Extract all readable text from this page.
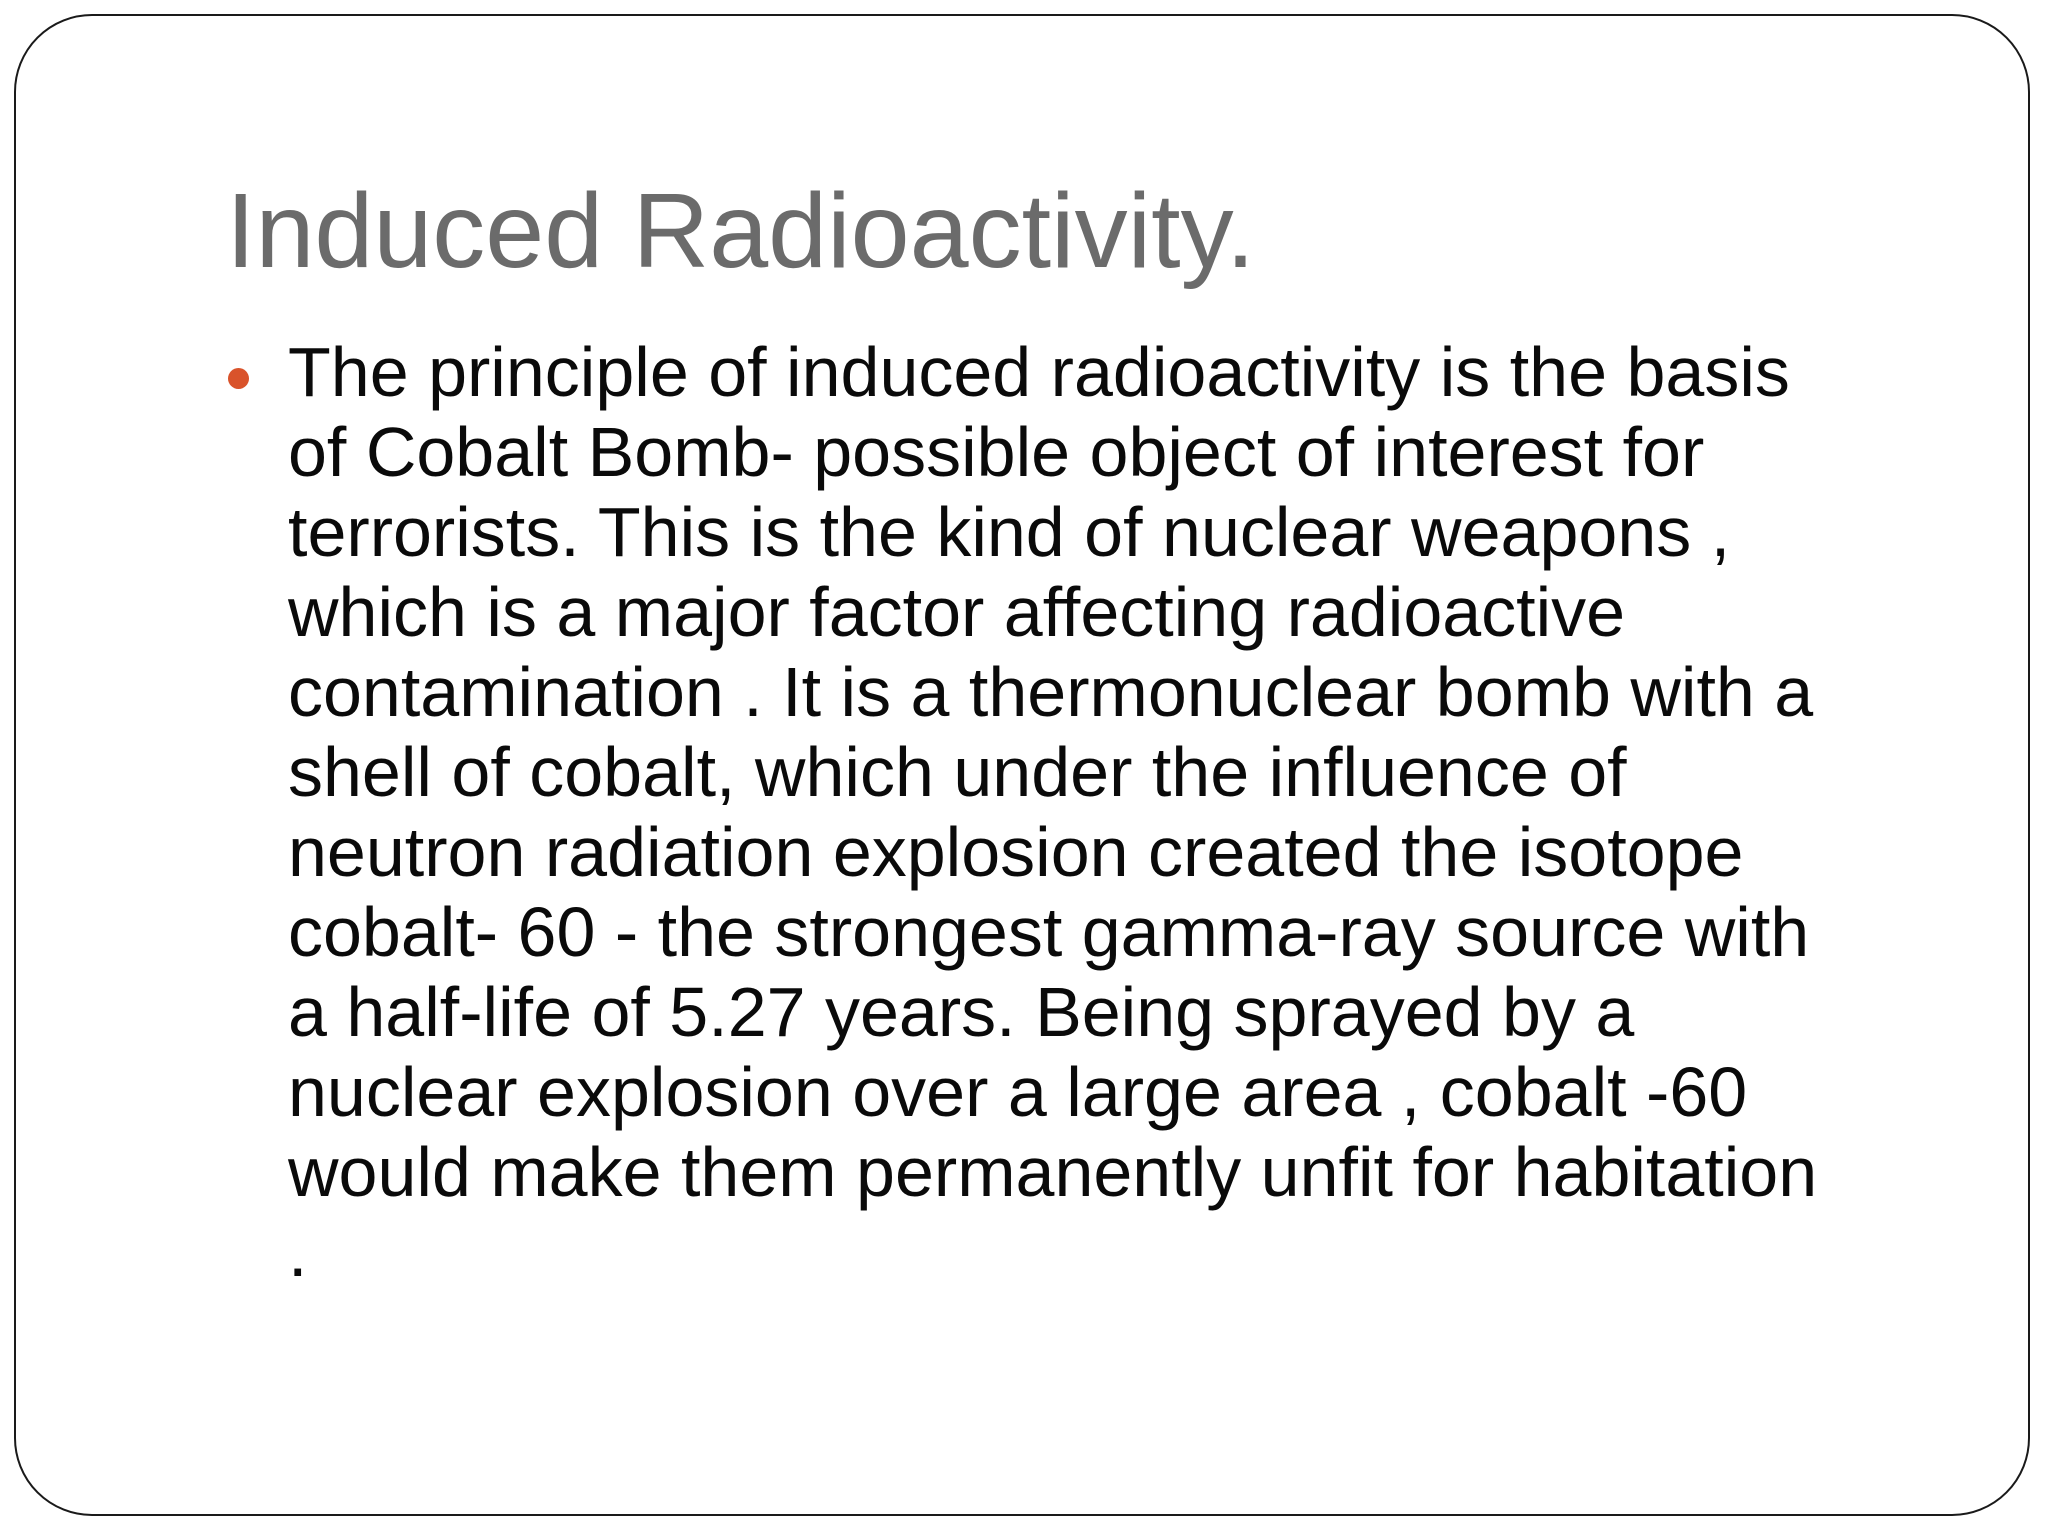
Induced Radioactivity.

The principle of induced radioactivity is the basis
of Cobalt Bomb- possible object of interest for
terrorists. This is the kind of nuclear weapons ,
which is a major factor affecting radioactive
contamination . It is a thermonuclear bomb with a
shell of cobalt, which under the influence of
neutron radiation explosion created the isotope
cobalt- 60 - the strongest gamma-ray source with
a half-life of 5.27 years. Being sprayed by a
nuclear explosion over a large area , cobalt -60
would make them permanently unfit for habitation
.
